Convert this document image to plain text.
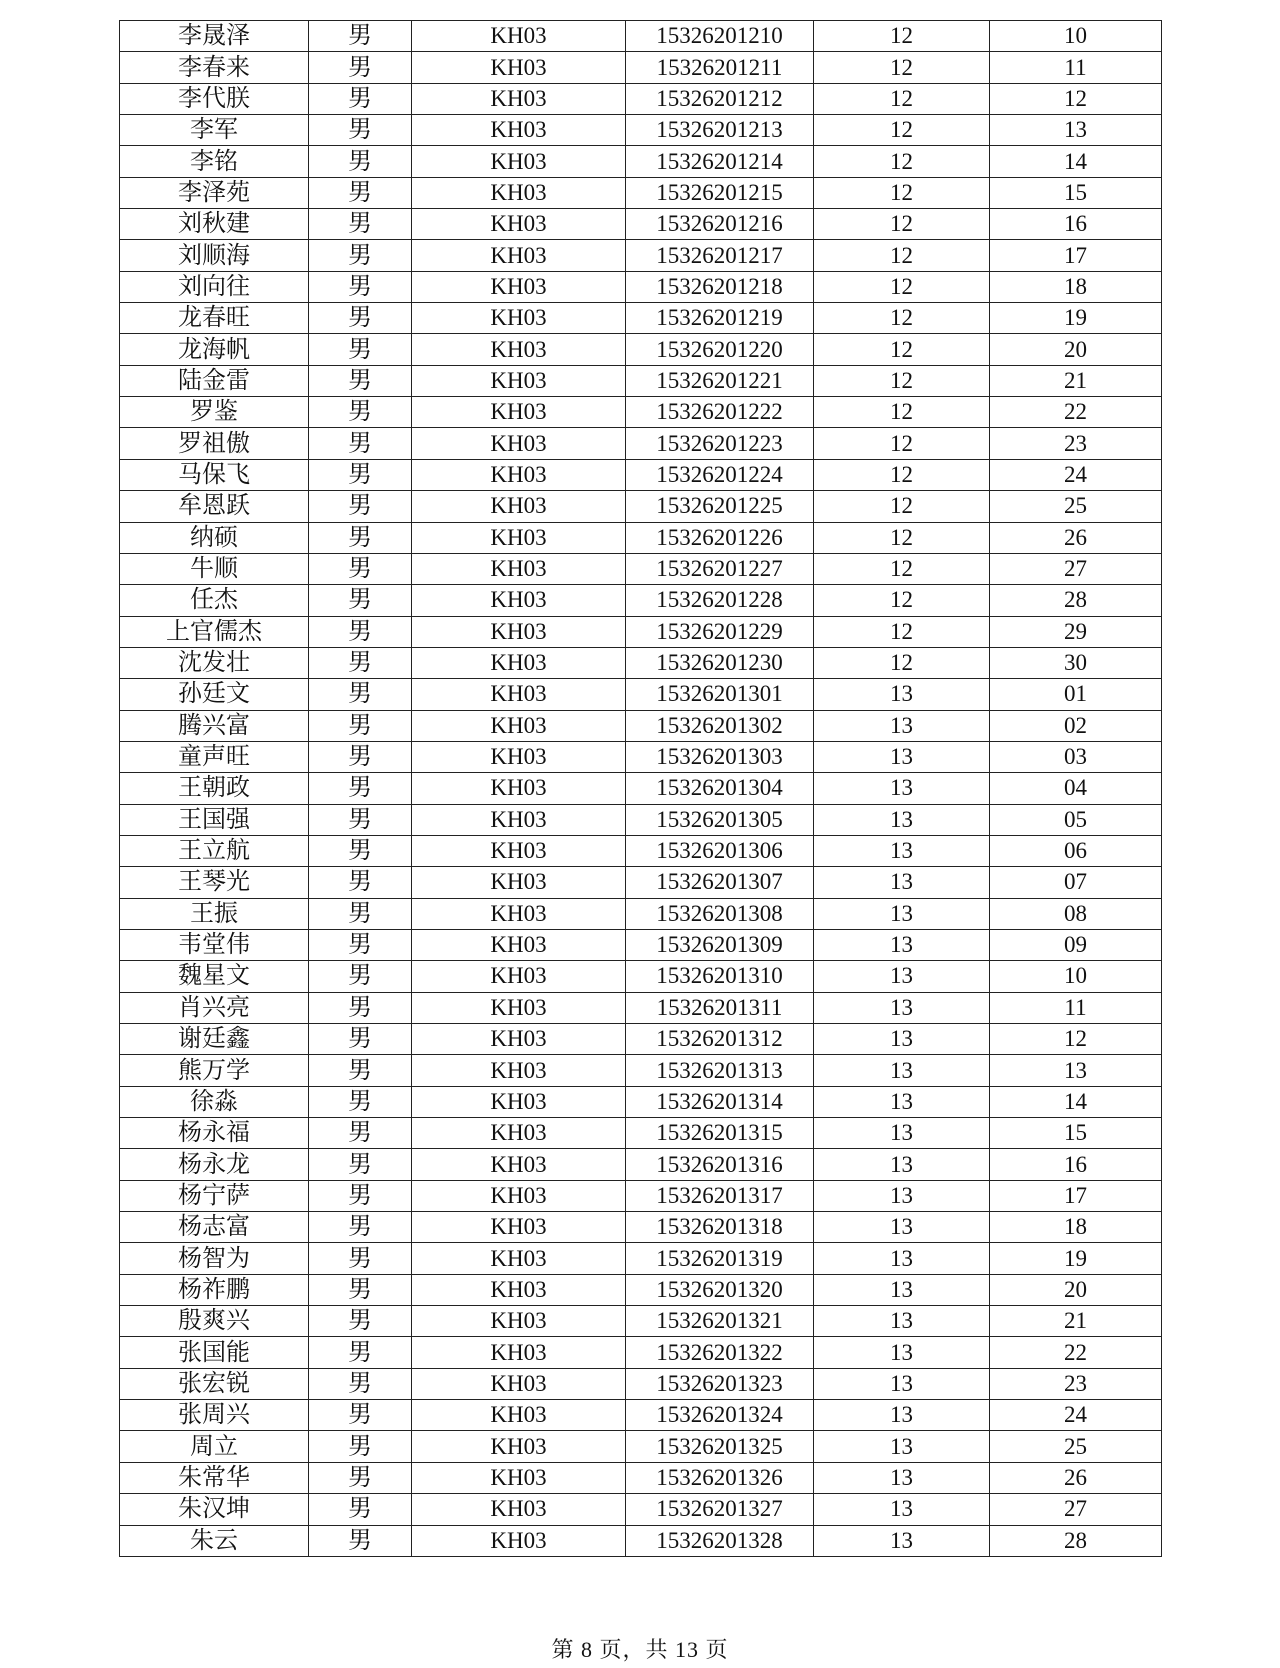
李晟泽	男	KH03	15326201210	12	10
李春来	男	KH03	15326201211	12	11
李代朕	男	KH03	15326201212	12	12
李军	男	KH03	15326201213	12	13
李铭	男	KH03	15326201214	12	14
李泽苑	男	KH03	15326201215	12	15
刘秋建	男	KH03	15326201216	12	16
刘顺海	男	KH03	15326201217	12	17
刘向往	男	KH03	15326201218	12	18
龙春旺	男	KH03	15326201219	12	19
龙海帆	男	KH03	15326201220	12	20
陆金雷	男	KH03	15326201221	12	21
罗鉴	男	KH03	15326201222	12	22
罗祖傲	男	KH03	15326201223	12	23
马保飞	男	KH03	15326201224	12	24
牟恩跃	男	KH03	15326201225	12	25
纳硕	男	KH03	15326201226	12	26
牛顺	男	KH03	15326201227	12	27
任杰	男	KH03	15326201228	12	28
上官儒杰	男	KH03	15326201229	12	29
沈发壮	男	KH03	15326201230	12	30
孙廷文	男	KH03	15326201301	13	01
腾兴富	男	KH03	15326201302	13	02
童声旺	男	KH03	15326201303	13	03
王朝政	男	KH03	15326201304	13	04
王国强	男	KH03	15326201305	13	05
王立航	男	KH03	15326201306	13	06
王琴光	男	KH03	15326201307	13	07
王振	男	KH03	15326201308	13	08
韦堂伟	男	KH03	15326201309	13	09
魏星文	男	KH03	15326201310	13	10
肖兴亮	男	KH03	15326201311	13	11
谢廷鑫	男	KH03	15326201312	13	12
熊万学	男	KH03	15326201313	13	13
徐淼	男	KH03	15326201314	13	14
杨永福	男	KH03	15326201315	13	15
杨永龙	男	KH03	15326201316	13	16
杨宁萨	男	KH03	15326201317	13	17
杨志富	男	KH03	15326201318	13	18
杨智为	男	KH03	15326201319	13	19
杨祚鹏	男	KH03	15326201320	13	20
殷爽兴	男	KH03	15326201321	13	21
张国能	男	KH03	15326201322	13	22
张宏锐	男	KH03	15326201323	13	23
张周兴	男	KH03	15326201324	13	24
周立	男	KH03	15326201325	13	25
朱常华	男	KH03	15326201326	13	26
朱汉坤	男	KH03	15326201327	13	27
朱云	男	KH03	15326201328	13	28
第 8 页，共 13 页
